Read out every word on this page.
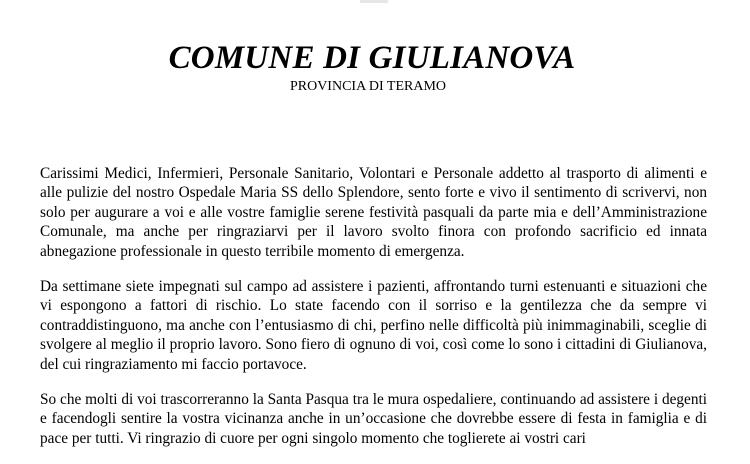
COMUNE DI GIULIANOVA

PROVINCIA DI TERAMO

Carissimi Medici, Infermieri, Personale Sanitario, Volontari e Personale addetto al trasporto di alimenti e alle pulizie del nostro Ospedale Maria SS dello Splendore, sento forte e vivo il sentimento di scrivervi, non solo per augurare a voi e alle vostre famiglie serene festività pasquali da parte mia e dell’Amministrazione Comunale, ma anche per ringraziarvi per il lavoro svolto finora con profondo sacrificio ed innata abnegazione professionale in questo terribile momento di emergenza.

Da settimane siete impegnati sul campo ad assistere i pazienti, affrontando turni estenuanti e situazioni che vi espongono a fattori di rischio. Lo state facendo con il sorriso e la gentilezza che da sempre vi contraddistinguono, ma anche con l’entusiasmo di chi, perfino nelle difficoltà più inimmaginabili, sceglie di svolgere al meglio il proprio lavoro. Sono fiero di ognuno di voi, così come lo sono i cittadini di Giulianova, del cui ringraziamento mi faccio portavoce.

So che molti di voi trascorreranno la Santa Pasqua tra le mura ospedaliere, continuando ad assistere i degenti e facendogli sentire la vostra vicinanza anche in un’occasione che dovrebbe essere di festa in famiglia e di pace per tutti. Vi ringrazio di cuore per ogni singolo momento che toglierete ai vostri cari
